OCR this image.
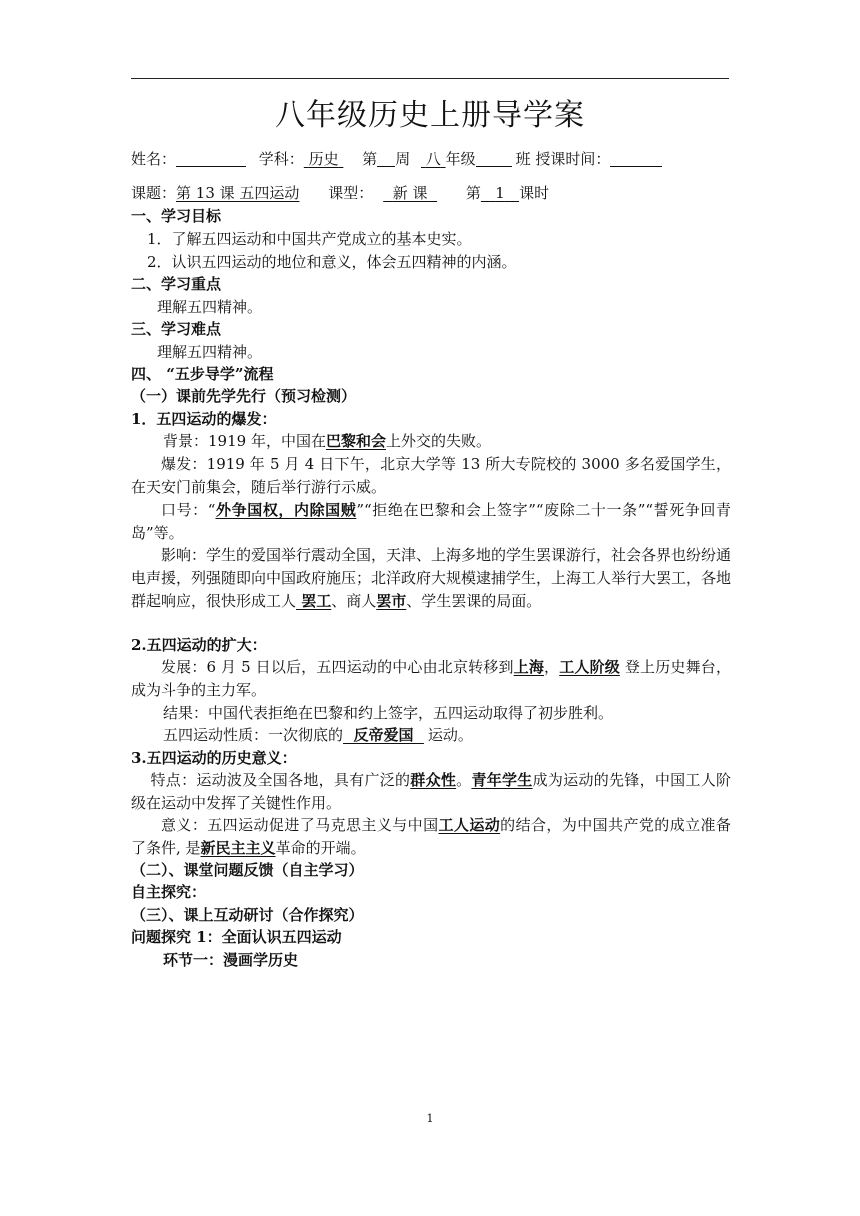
八年级历史上册导学案
姓名：	学科： 历史 第 周 八 年级	班 授课时间：
课题：第 13 课 五四运动 课型： 新 课	第 1 课时
一、学习目标
1．了解五四运动和中国共产党成立的基本史实。
2．认识五四运动的地位和意义，体会五四精神的内涵。
二、学习重点
理解五四精神。
三、学习难点
理解五四精神。
四、 “五步导学”流程
（一）课前先学先行（预习检测）
1．五四运动的爆发：
背景：1919 年，中国在巴黎和会上外交的失败。
爆发：1919 年 5 月 4 日下午，北京大学等 13 所大专院校的 3000 多名爱国学生，在天安门前集会，随后举行游行示威。
口号：“外争国权，内除国贼”“拒绝在巴黎和会上签字”“废除二十一条”“誓死争回青岛”等。
影响：学生的爱国举行震动全国，天津、上海多地的学生罢课游行，社会各界也纷纷通电声援，列强随即向中国政府施压；北洋政府大规模逮捕学生，上海工人举行大罢工，各地群起响应，很快形成工人 罢工、商人罢市、学生罢课的局面。
2.五四运动的扩大：
发展：6 月 5 日以后，五四运动的中心由北京转移到上海，工人阶级 登上历史舞台，成为斗争的主力军。
结果：中国代表拒绝在巴黎和约上签字，五四运动取得了初步胜利。
五四运动性质：一次彻底的  反帝爱国  运动。
3.五四运动的历史意义：
特点：运动波及全国各地，具有广泛的群众性。青年学生成为运动的先锋，中国工人阶级在运动中发挥了关键性作用。
意义：五四运动促进了马克思主义与中国工人运动的结合，为中国共产党的成立准备了条件, 是新民主主义革命的开端。
（二）、课堂问题反馈（自主学习）
自主探究：
（三）、课上互动研讨（合作探究）
问题探究 1：全面认识五四运动
环节一：漫画学历史
1
